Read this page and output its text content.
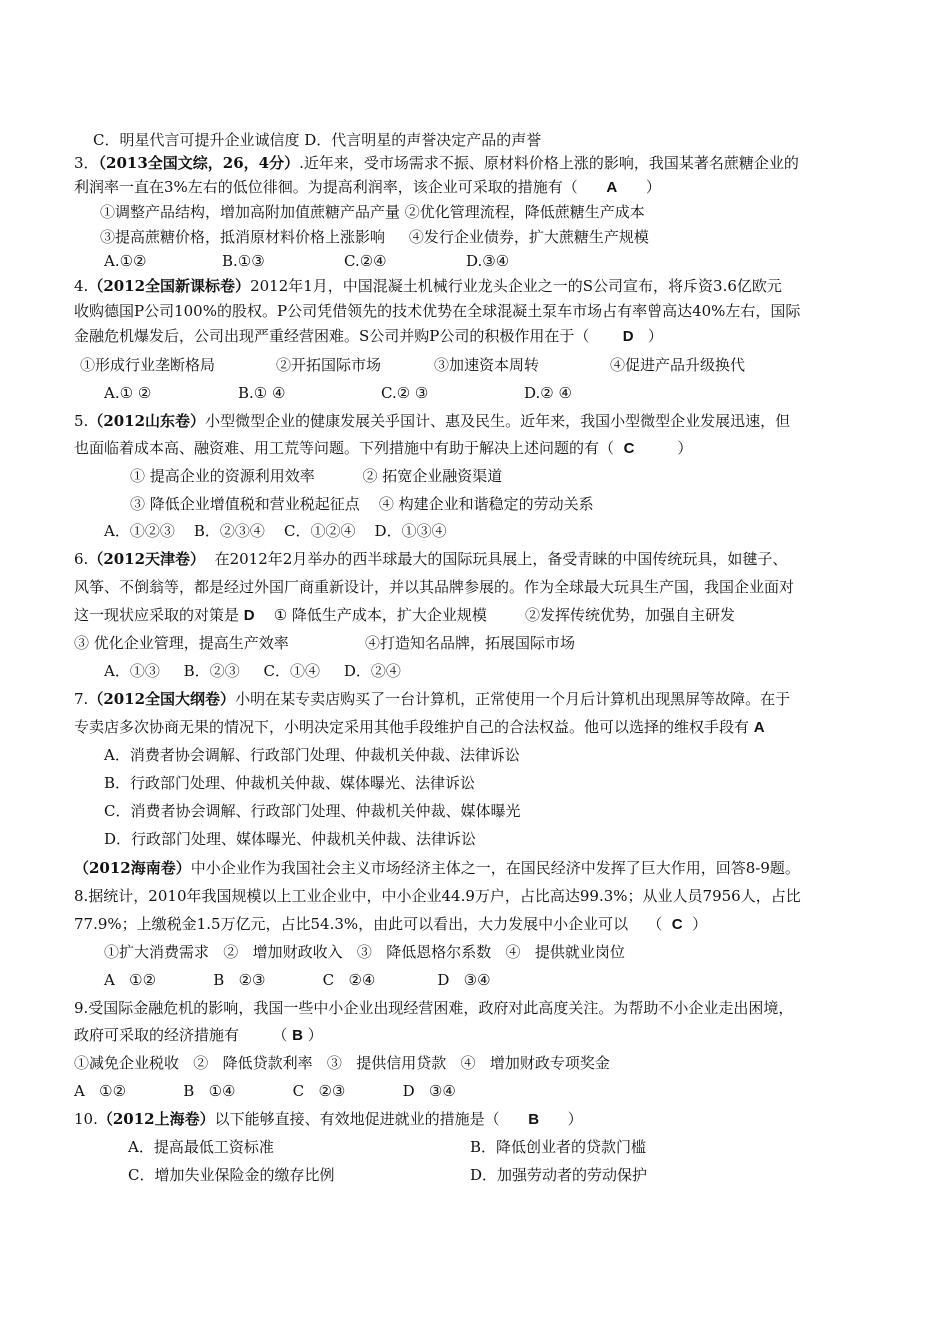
C．明星代言可提升企业诚信度 D．代言明星的声誉决定产品的声誉
3．（2013全国文综，26，4分）.近年来，受市场需求不振、原材料价格上涨的影响，我国某著名蔗糖企业的
利润率一直在3%左右的低位徘徊。为提高利润率，该企业可采取的措施有（ A ）
①调整产品结构，增加高附加值蔗糖产品产量 ②优化管理流程，降低蔗糖生产成本
③提高蔗糖价格，抵消原材料价格上涨影响     ④发行企业债券，扩大蔗糖生产规模
A.①②	B.①③	C.②④	D.③④
4.（2012全国新课标卷）2012年1月，中国混凝土机械行业龙头企业之一的S公司宣布，将斥资3.6亿欧元
收购德国P公司100%的股权。P公司凭借领先的技术优势在全球混凝土泵车市场占有率曾高达40%左右，国际
金融危机爆发后，公司出现严重经营困难。S公司并购P公司的积极作用在于（ D ）
①形成行业垄断格局	②开拓国际市场	③加速资本周转	④促进产品升级换代
A.① ②	B.① ④	C.② ③	D.② ④
5.（2012山东卷）小型微型企业的健康发展关乎国计、惠及民生。近年来，我国小型微型企业发展迅速，但
也面临着成本高、融资难、用工荒等问题。下列措施中有助于解决上述问题的有（ C	）
① 提高企业的资源利用效率          ② 拓宽企业融资渠道
③ 降低企业增值税和营业税起征点    ④ 构建企业和谐稳定的劳动关系
A．①②③    B．②③④    C．①②④    D．①③④
6.（2012天津卷）  在2012年2月举办的西半球最大的国际玩具展上，备受青睐的中国传统玩具，如毽子、
风筝、不倒翁等，都是经过外国厂商重新设计，并以其品牌参展的。作为全球最大玩具生产国，我国企业面对
这一现状应采取的对策是 D    ① 降低生产成本，扩大企业规模        ②发挥传统优势，加强自主研发
③ 优化企业管理，提高生产效率                ④打造知名品牌，拓展国际市场
A．①③     B．②③     C．①④     D．②④
7.（2012全国大纲卷）小明在某专卖店购买了一台计算机，正常使用一个月后计算机出现黑屏等故障。在于
专卖店多次协商无果的情况下，小明决定采用其他手段维护自己的合法权益。他可以选择的维权手段有 A
A．消费者协会调解、行政部门处理、仲裁机关仲裁、法律诉讼
B．行政部门处理、仲裁机关仲裁、媒体曝光、法律诉讼
C．消费者协会调解、行政部门处理、仲裁机关仲裁、媒体曝光
D．行政部门处理、媒体曝光、仲裁机关仲裁、法律诉讼
（2012海南卷）中小企业作为我国社会主义市场经济主体之一，在国民经济中发挥了巨大作用，回答8-9题。
8.据统计，2010年我国规模以上工业企业中，中小企业44.9万户，占比高达99.3%；从业人员7956人，占比
77.9%；上缴税金1.5万亿元，占比54.3%，由此可以看出，大力发展中小企业可以    （  C  ）
①扩大消费需求   ②   增加财政收入   ③   降低恩格尔系数   ④   提供就业岗位
A   ①②            B   ②③            C   ②④             D   ③④
9.受国际金融危机的影响，我国一些中小企业出现经营困难，政府对此高度关注。为帮助不小企业走出困境，
政府可采取的经济措施有       （ B ）
①减免企业税收   ②   降低贷款利率   ③   提供信用贷款   ④   增加财政专项奖金
A   ①②            B   ①④            C   ②③            D   ③④
10.（2012上海卷）以下能够直接、有效地促进就业的措施是（      B      ）
A．提高最低工资标准	B．降低创业者的贷款门槛
C．增加失业保险金的缴存比例	D．加强劳动者的劳动保护
